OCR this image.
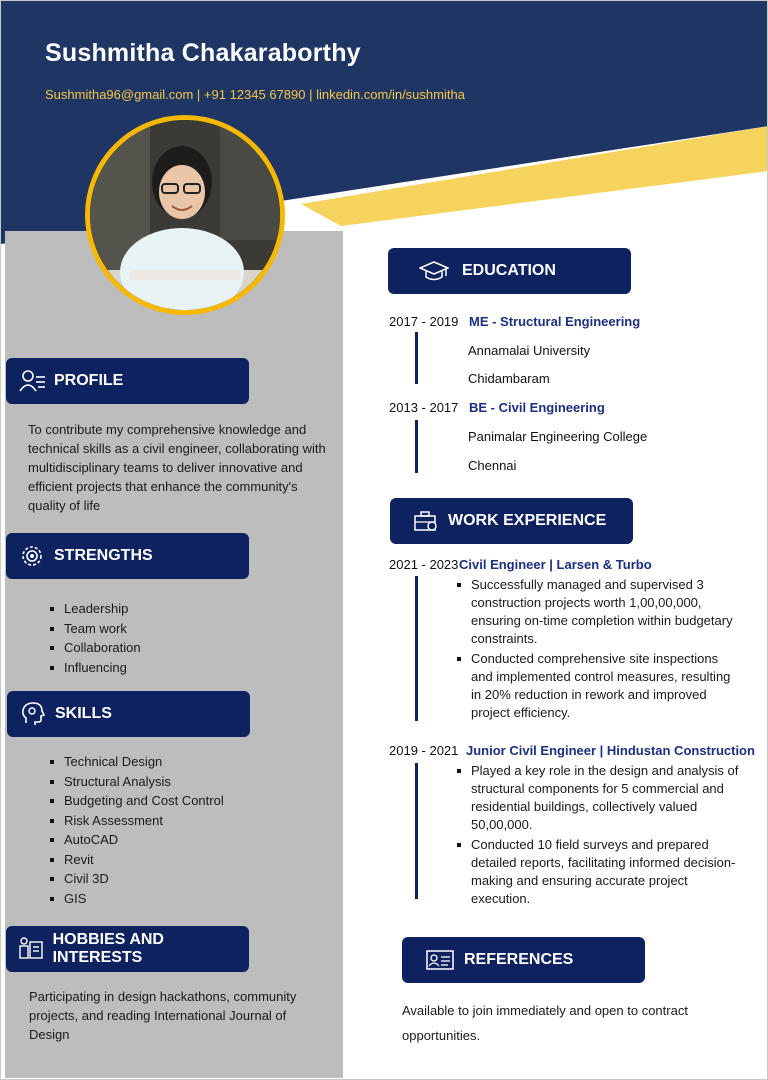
Sushmitha Chakaraborthy
Sushmitha96@gmail.com | +91 12345 67890 | linkedin.com/in/sushmitha
PROFILE
To contribute my comprehensive knowledge and technical skills as a civil engineer, collaborating with multidisciplinary teams to deliver innovative and efficient projects that enhance the community's quality of life
STRENGTHS
Leadership
Team work
Collaboration
Influencing
SKILLS
Technical Design
Structural Analysis
Budgeting and Cost Control
Risk Assessment
AutoCAD
Revit
Civil 3D
GIS
HOBBIES AND INTERESTS
Participating in design hackathons, community projects, and reading International Journal of Design
EDUCATION
2017 - 2019 ME - Structural Engineering
Annamalai University
Chidambaram
2013 - 2017 BE - Civil Engineering
Panimalar Engineering College
Chennai
WORK EXPERIENCE
2021 - 2023 Civil Engineer | Larsen & Turbo
Successfully managed and supervised 3 construction projects worth 1,00,00,000, ensuring on-time completion within budgetary constraints.
Conducted comprehensive site inspections and implemented control measures, resulting in 20% reduction in rework and improved project efficiency.
2019 - 2021 Junior Civil Engineer | Hindustan Construction
Played a key role in the design and analysis of structural components for 5 commercial and residential buildings, collectively valued 50,00,000.
Conducted 10 field surveys and prepared detailed reports, facilitating informed decision-making and ensuring accurate project execution.
REFERENCES
Available to join immediately and open to contract opportunities.
